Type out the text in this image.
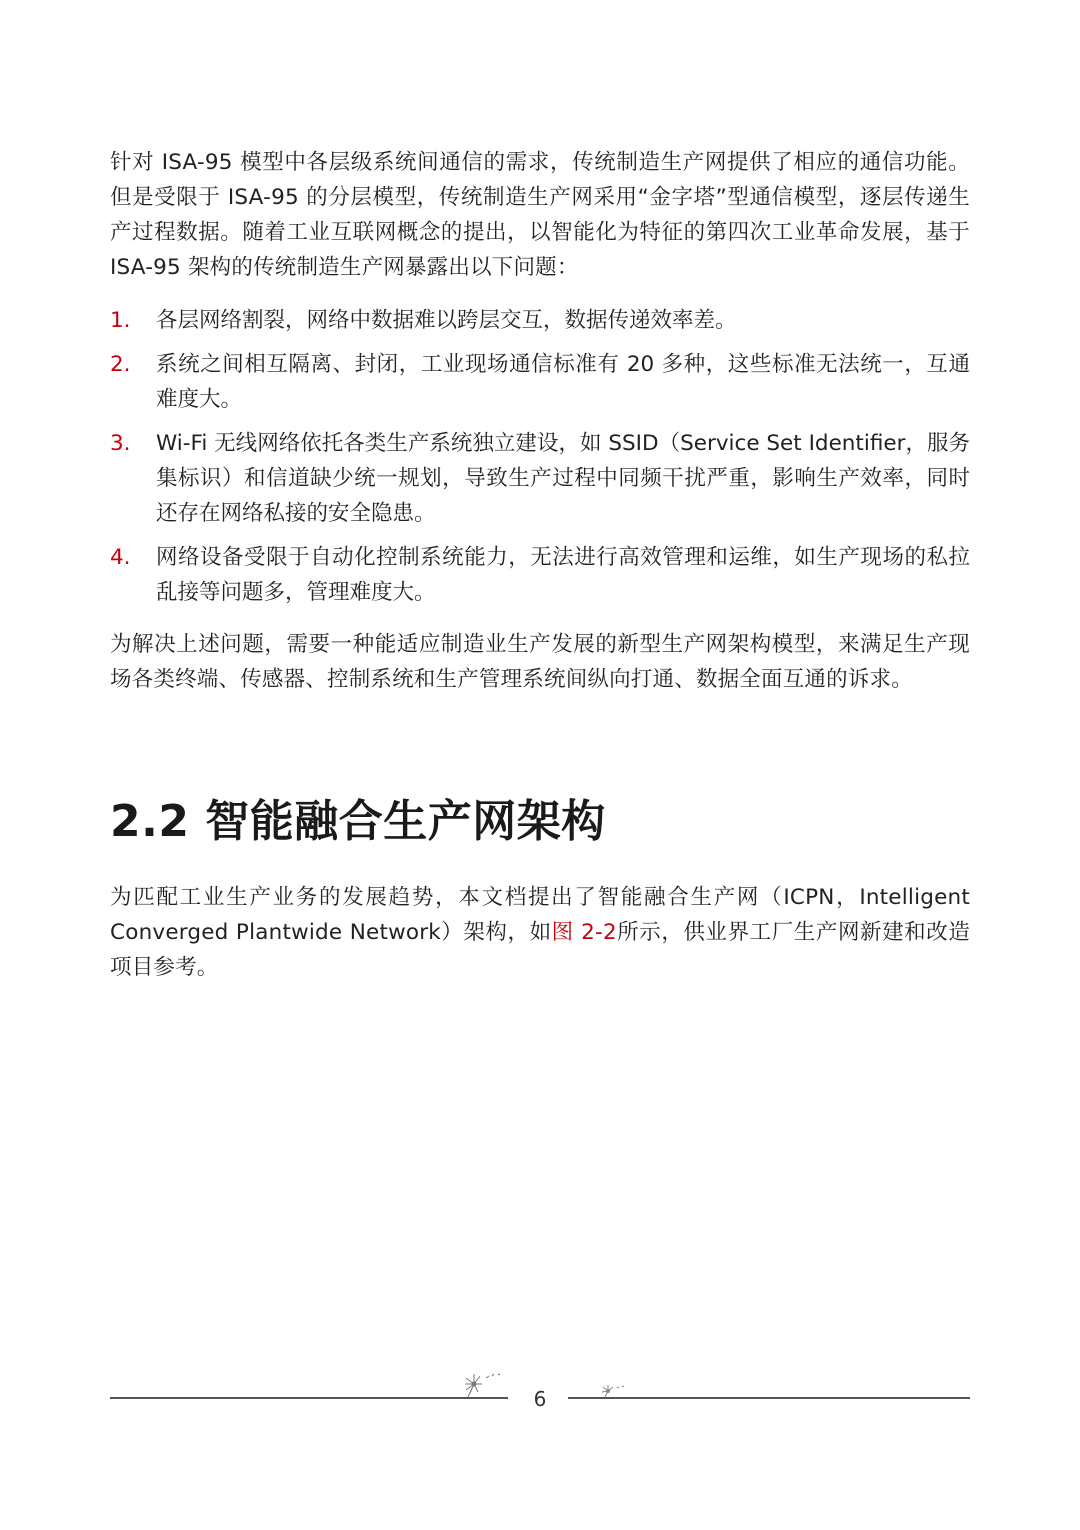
针对 ISA-95 模型中各层级系统间通信的需求，传统制造生产网提供了相应的通信功能。但是受限于 ISA-95 的分层模型，传统制造生产网采用“金字塔”型通信模型，逐层传递生产过程数据。随着工业互联网概念的提出，以智能化为特征的第四次工业革命发展，基于 ISA-95 架构的传统制造生产网暴露出以下问题：

1. 各层网络割裂，网络中数据难以跨层交互，数据传递效率差。
2. 系统之间相互隔离、封闭，工业现场通信标准有 20 多种，这些标准无法统一，互通难度大。
3. Wi-Fi 无线网络依托各类生产系统独立建设，如 SSID（Service Set Identifier，服务集标识）和信道缺少统一规划，导致生产过程中同频干扰严重，影响生产效率，同时还存在网络私接的安全隐患。
4. 网络设备受限于自动化控制系统能力，无法进行高效管理和运维，如生产现场的私拉乱接等问题多，管理难度大。

为解决上述问题，需要一种能适应制造业生产发展的新型生产网架构模型，来满足生产现场各类终端、传感器、控制系统和生产管理系统间纵向打通、数据全面互通的诉求。

2.2 智能融合生产网架构

为匹配工业生产业务的发展趋势，本文档提出了智能融合生产网（ICPN，Intelligent Converged Plantwide Network）架构，如图 2-2所示，供业界工厂生产网新建和改造项目参考。

6
